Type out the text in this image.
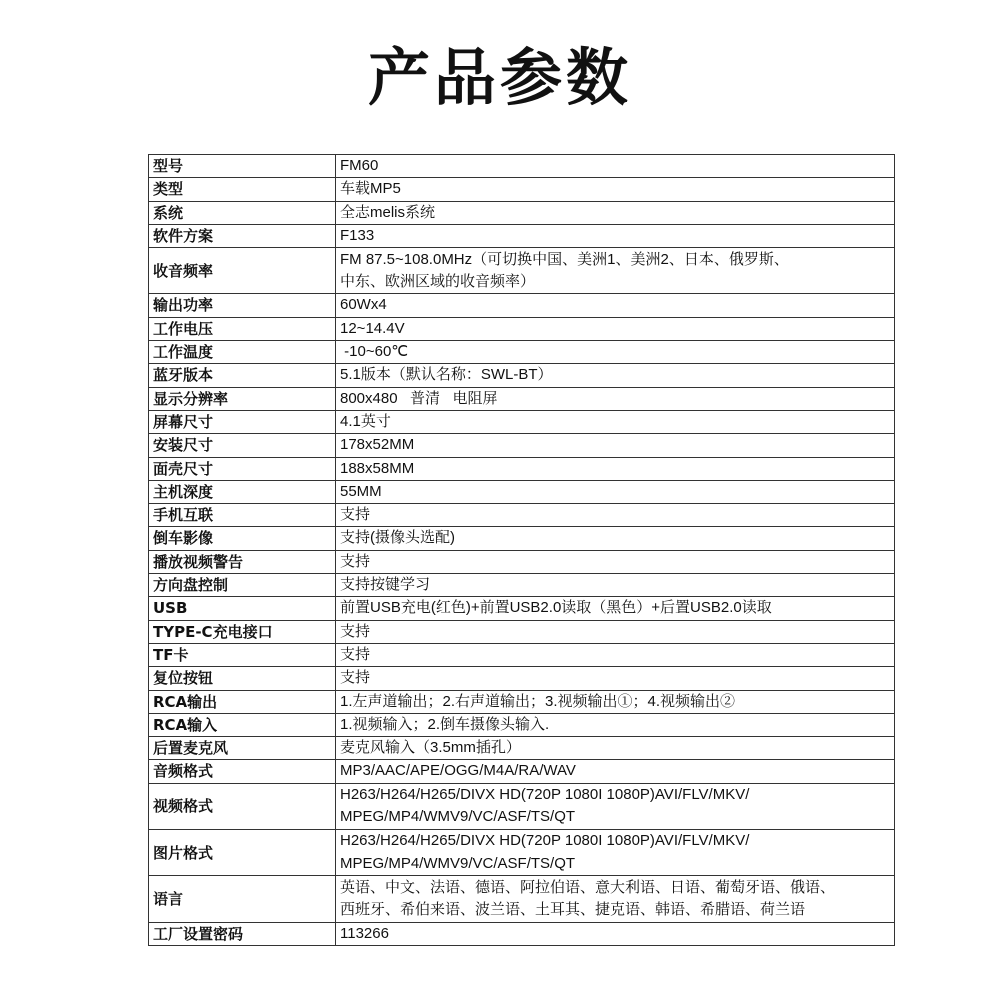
产品参数
型号	FM60
类型	车载MP5
系统	全志melis系统
软件方案	F133
收音频率	FM 87.5~108.0MHz（可切换中国、美洲1、美洲2、日本、俄罗斯、
中东、欧洲区域的收音频率）
输出功率	60Wx4
工作电压	12~14.4V
工作温度	-10~60℃
蓝牙版本	5.1版本（默认名称：SWL-BT）
显示分辨率	800x480   普清   电阻屏
屏幕尺寸	4.1英寸
安装尺寸	178x52MM
面壳尺寸	188x58MM
主机深度	55MM
手机互联	支持
倒车影像	支持(摄像头选配)
播放视频警告	支持
方向盘控制	支持按键学习
USB	前置USB充电(红色)+前置USB2.0读取（黑色）+后置USB2.0读取
TYPE-C充电接口	支持
TF卡	支持
复位按钮	支持
RCA输出	1.左声道输出；2.右声道输出；3.视频输出①；4.视频输出②
RCA输入	1.视频输入；2.倒车摄像头输入.
后置麦克风	麦克风输入（3.5mm插孔）
音频格式	MP3/AAC/APE/OGG/M4A/RA/WAV
视频格式	H263/H264/H265/DIVX HD(720P 1080I 1080P)AVI/FLV/MKV/
MPEG/MP4/WMV9/VC/ASF/TS/QT
图片格式	H263/H264/H265/DIVX HD(720P 1080I 1080P)AVI/FLV/MKV/
MPEG/MP4/WMV9/VC/ASF/TS/QT
语言	英语、中文、法语、德语、阿拉伯语、意大利语、日语、葡萄牙语、俄语、
西班牙、希伯来语、波兰语、土耳其、捷克语、韩语、希腊语、荷兰语
工厂设置密码	113266
